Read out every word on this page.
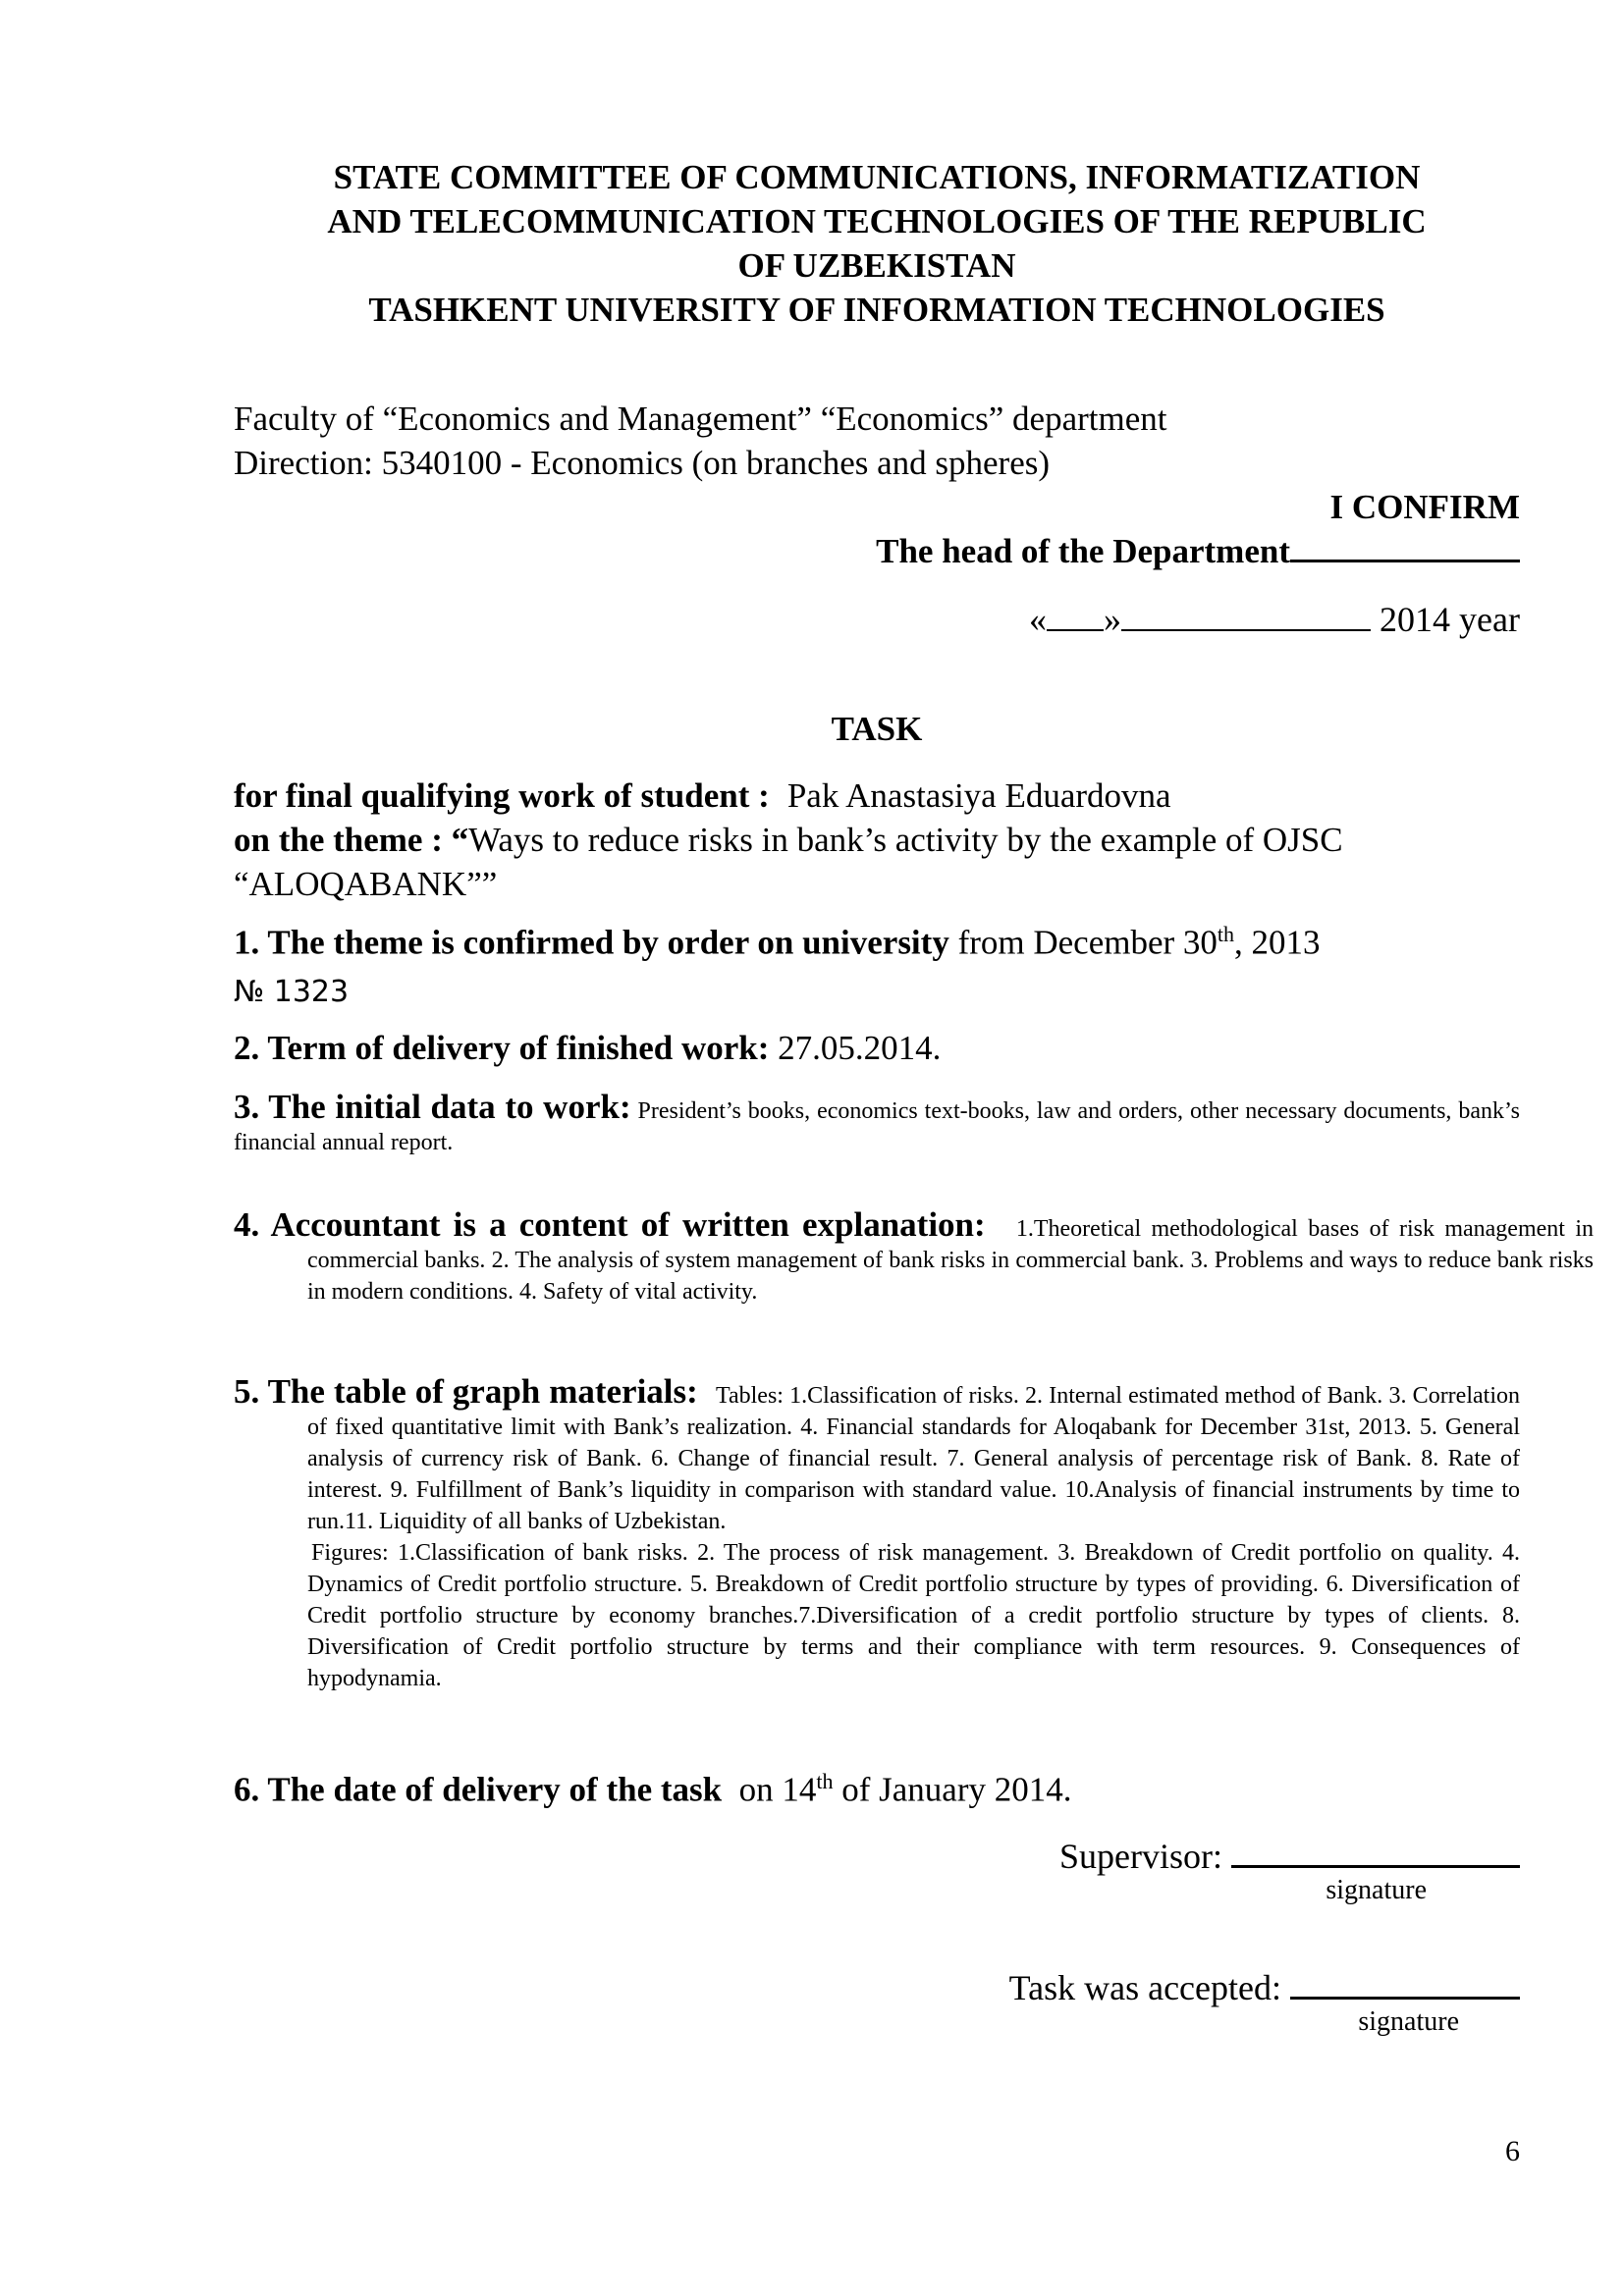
STATE COMMITTEE OF COMMUNICATIONS, INFORMATIZATION
AND TELECOMMUNICATION TECHNOLOGIES OF THE REPUBLIC
OF UZBEKISTAN
TASHKENT UNIVERSITY OF INFORMATION TECHNOLOGIES
Faculty of “Economics and Management” “Economics” department
Direction: 5340100 - Economics (on branches and spheres)
I CONFIRM
The head of the Department
« »	2014 year
TASK
for final qualifying work of student : Pak Anastasiya Eduardovna
on the theme : “Ways to reduce risks in bank’s activity by the example of OJSC “ALOQABANK””
1. The theme is confirmed by order on university from December 30th, 2013
№ 1323
2. Term of delivery of finished work: 27.05.2014.
3. The initial data to work: President’s books, economics text-books, law and orders, other necessary documents, bank’s financial annual report.
4. Accountant is a content of written explanation: 1.Theoretical methodological bases of risk management in commercial banks. 2. The analysis of system management of bank risks in commercial bank. 3. Problems and ways to reduce bank risks in modern conditions. 4. Safety of vital activity.
5. The table of graph materials: Tables: 1.Classification of risks. 2. Internal estimated method of Bank. 3. Correlation of fixed quantitative limit with Bank’s realization. 4. Financial standards for Aloqabank for December 31st, 2013. 5. General analysis of currency risk of Bank. 6. Change of financial result. 7. General analysis of percentage risk of Bank. 8. Rate of interest. 9. Fulfillment of Bank’s liquidity in comparison with standard value. 10.Analysis of financial instruments by time to run.11. Liquidity of all banks of Uzbekistan.
Figures: 1.Classification of bank risks. 2. The process of risk management. 3. Breakdown of Credit portfolio on quality. 4. Dynamics of Credit portfolio structure. 5. Breakdown of Credit portfolio structure by types of providing. 6. Diversification of Credit portfolio structure by economy branches.7.Diversification of a credit portfolio structure by types of clients. 8. Diversification of Credit portfolio structure by terms and their compliance with term resources. 9. Consequences of hypodynamia.
6. The date of delivery of the task on 14th of January 2014.
Supervisor:
signature
Task was accepted:
signature
6
